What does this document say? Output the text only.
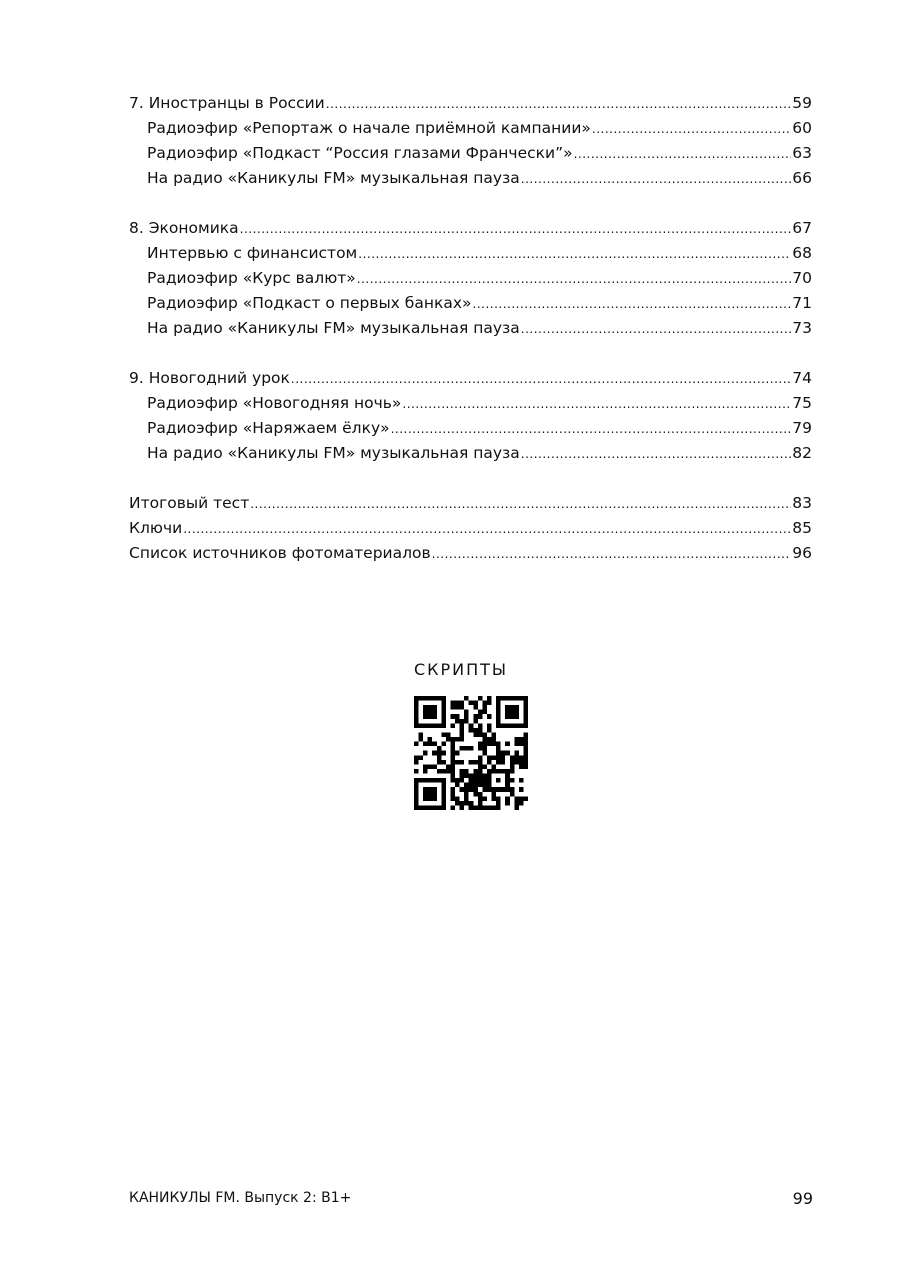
7. Иностранцы в России .....	59
Радиоэфир «Репортаж о начале приёмной кампании» .....	60
Радиоэфир «Подкаст “Россия глазами Франчески”» .....	63
На радио «Каникулы FM» музыкальная пауза .....	66
8. Экономика .....	67
Интервью с финансистом .....	68
Радиоэфир «Курс валют» .....	70
Радиоэфир «Подкаст о первых банках» .....	71
На радио «Каникулы FM» музыкальная пауза .....	73
9. Новогодний урок .....	74
Радиоэфир «Новогодняя ночь» .....	75
Радиоэфир «Наряжаем ёлку» .....	79
На радио «Каникулы FM» музыкальная пауза .....	82
Итоговый тест .....	83
Ключи .....	85
Список источников фотоматериалов .....	96
СКРИПТЫ
КАНИКУЛЫ FM. Выпуск 2: B1+	99
